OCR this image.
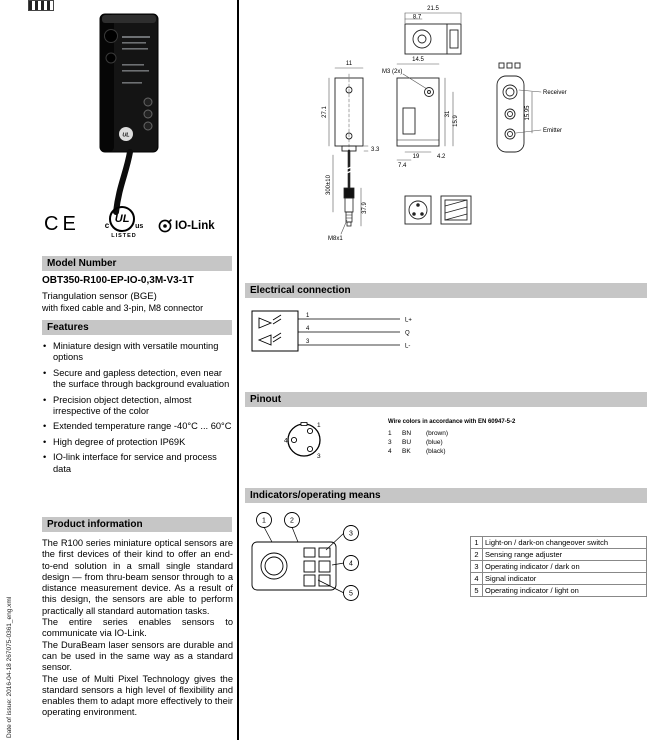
Date of issue: 2016-04-18 267075-0361_eng.xml
UL
CE	c
UL
us
LISTED
IO-Link
Model Number
OBT350-R100-EP-IO-0,3M-V3-1T
Triangulation sensor (BGE)
with fixed cable and 3-pin, M8 connector
Features
• Miniature design with versatile mounting options
• Secure and gapless detection, even near the surface through background evaluation
• Precision object detection, almost irrespective of the color
• Extended temperature range -40°C ... 60°C
• High degree of protection IP69K
• IO-link interface for service and process data
Product information

The R100 series miniature optical sensors are the first devices of their kind to offer an end-to-end solution in a small single standard design — from thru-beam sensor through to a distance measurement device. As a result of this design, the sensors are able to perform practically all standard automation tasks.

The entire series enables sensors to communicate via IO-Link.

The DuraBeam laser sensors are durable and can be used in the same way as a standard sensor.

The use of Multi Pixel Technology gives the standard sensors a high level of flexibility and enables them to adapt more effectively to their operating environment.

21.5
8.7
11
27.1
3.3
300±10
37.9
M8x1
14.5
M3 (2x)
31
15.9
4.2
19
7.4
15.95
Receiver
Emitter
Electrical connection
1
4
3
L+
Q
L-
Pinout
1
4
3
Wire colors in accordance with EN 60947-5-2
1	BN	(brown)
3	BU	(blue)
4	BK	(black)
Indicators/operating means
1	2
3
4
5
1	Light-on / dark-on changeover switch
2	Sensing range adjuster
3	Operating indicator / dark on
4	Signal indicator
5	Operating indicator / light on
